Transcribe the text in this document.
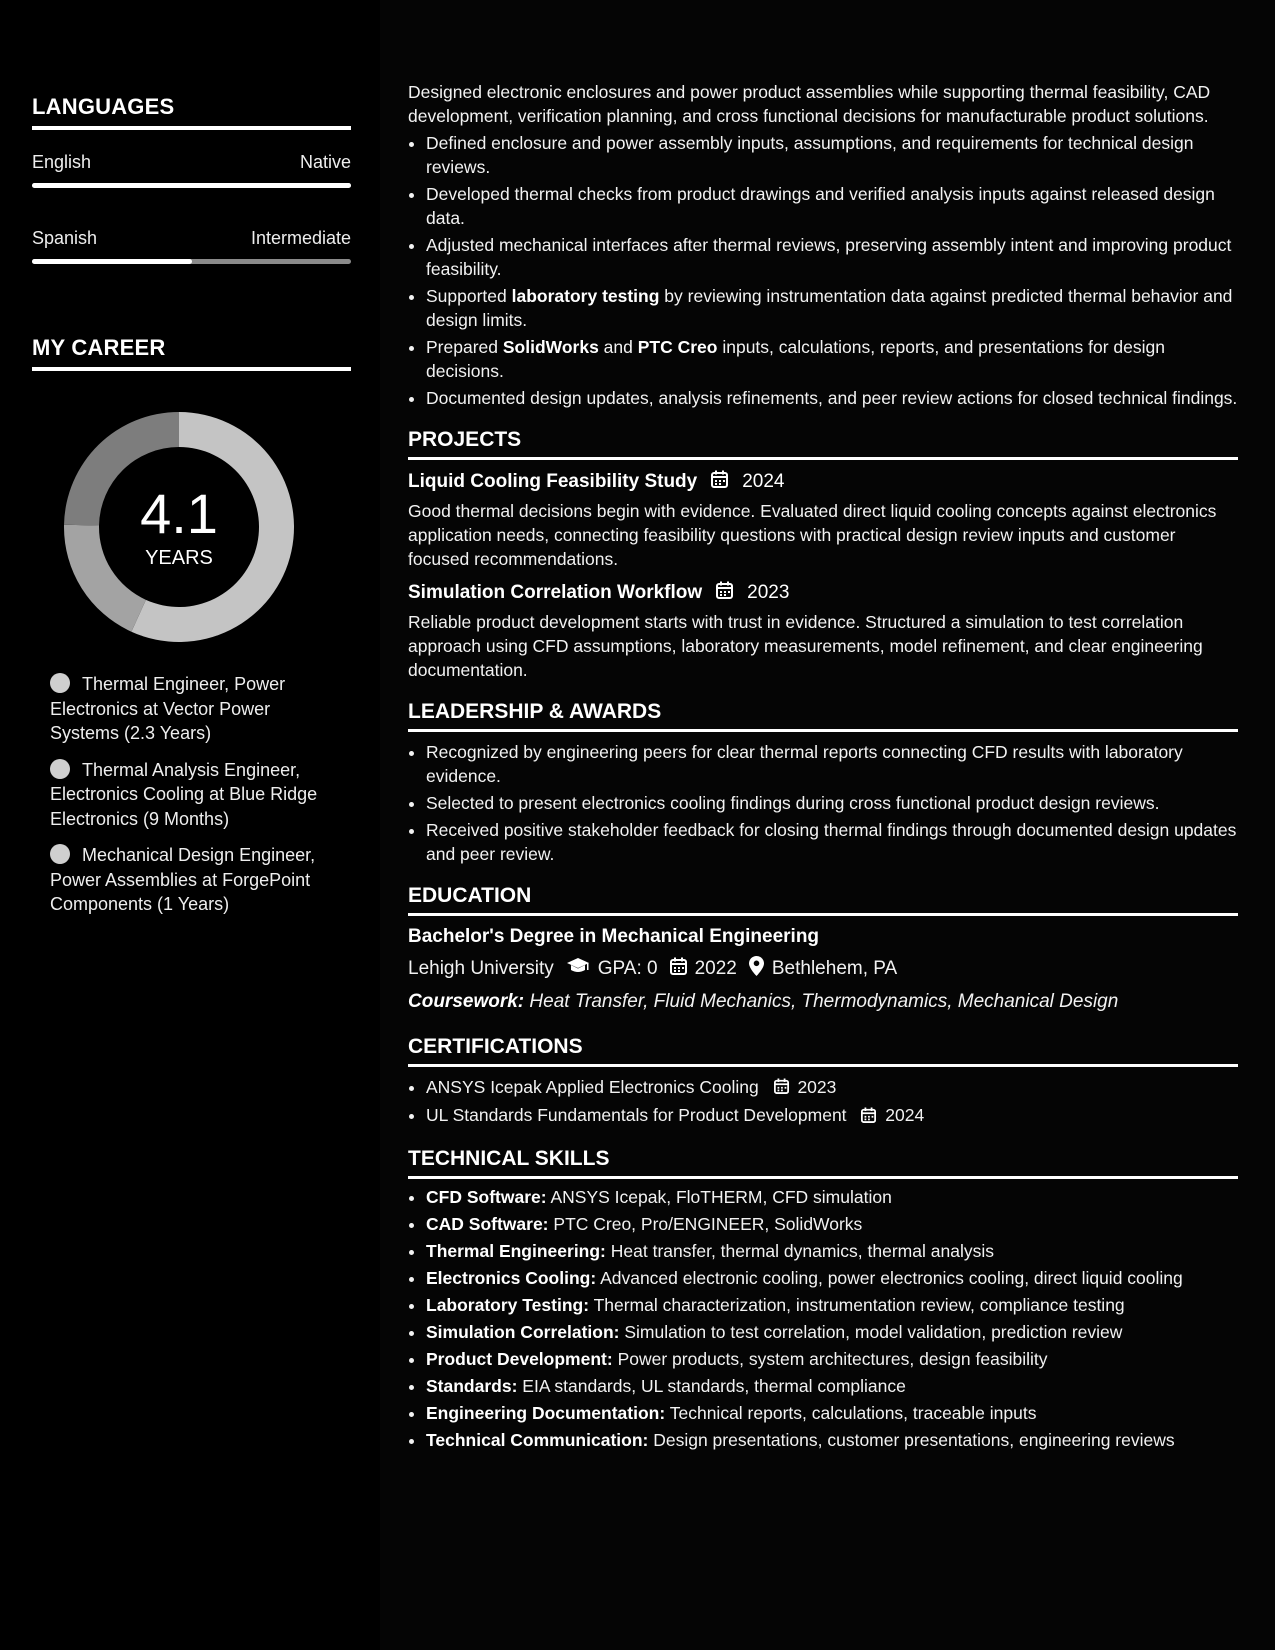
LANGUAGES
English	Native
Spanish	Intermediate
MY CAREER
4.1
YEARS
Thermal Engineer, Power Electronics at Vector Power Systems (2.3 Years)
Thermal Analysis Engineer, Electronics Cooling at Blue Ridge Electronics (9 Months)
Mechanical Design Engineer, Power Assemblies at ForgePoint Components (1 Years)

Designed electronic enclosures and power product assemblies while supporting thermal feasibility, CAD development, verification planning, and cross functional decisions for manufacturable product solutions.

• Defined enclosure and power assembly inputs, assumptions, and requirements for technical design reviews.
• Developed thermal checks from product drawings and verified analysis inputs against released design data.
• Adjusted mechanical interfaces after thermal reviews, preserving assembly intent and improving product feasibility.
• Supported laboratory testing by reviewing instrumentation data against predicted thermal behavior and design limits.
• Prepared SolidWorks and PTC Creo inputs, calculations, reports, and presentations for design decisions.
• Documented design updates, analysis refinements, and peer review actions for closed technical findings.
PROJECTS
Liquid Cooling Feasibility Study 2024

Good thermal decisions begin with evidence. Evaluated direct liquid cooling concepts against electronics application needs, connecting feasibility questions with practical design review inputs and customer focused recommendations.

Simulation Correlation Workflow 2023

Reliable product development starts with trust in evidence. Structured a simulation to test correlation approach using CFD assumptions, laboratory measurements, model refinement, and clear engineering documentation.

LEADERSHIP & AWARDS
• Recognized by engineering peers for clear thermal reports connecting CFD results with laboratory evidence.
• Selected to present electronics cooling findings during cross functional product design reviews.
• Received positive stakeholder feedback for closing thermal findings through documented design updates and peer review.
EDUCATION
Bachelor's Degree in Mechanical Engineering
Lehigh University GPA: 0 2022 Bethlehem, PA
Coursework: Heat Transfer, Fluid Mechanics, Thermodynamics, Mechanical Design
CERTIFICATIONS
• ANSYS Icepak Applied Electronics Cooling 2023
• UL Standards Fundamentals for Product Development 2024
TECHNICAL SKILLS
• CFD Software: ANSYS Icepak, FloTHERM, CFD simulation
• CAD Software: PTC Creo, Pro/ENGINEER, SolidWorks
• Thermal Engineering: Heat transfer, thermal dynamics, thermal analysis
• Electronics Cooling: Advanced electronic cooling, power electronics cooling, direct liquid cooling
• Laboratory Testing: Thermal characterization, instrumentation review, compliance testing
• Simulation Correlation: Simulation to test correlation, model validation, prediction review
• Product Development: Power products, system architectures, design feasibility
• Standards: EIA standards, UL standards, thermal compliance
• Engineering Documentation: Technical reports, calculations, traceable inputs
• Technical Communication: Design presentations, customer presentations, engineering reviews
